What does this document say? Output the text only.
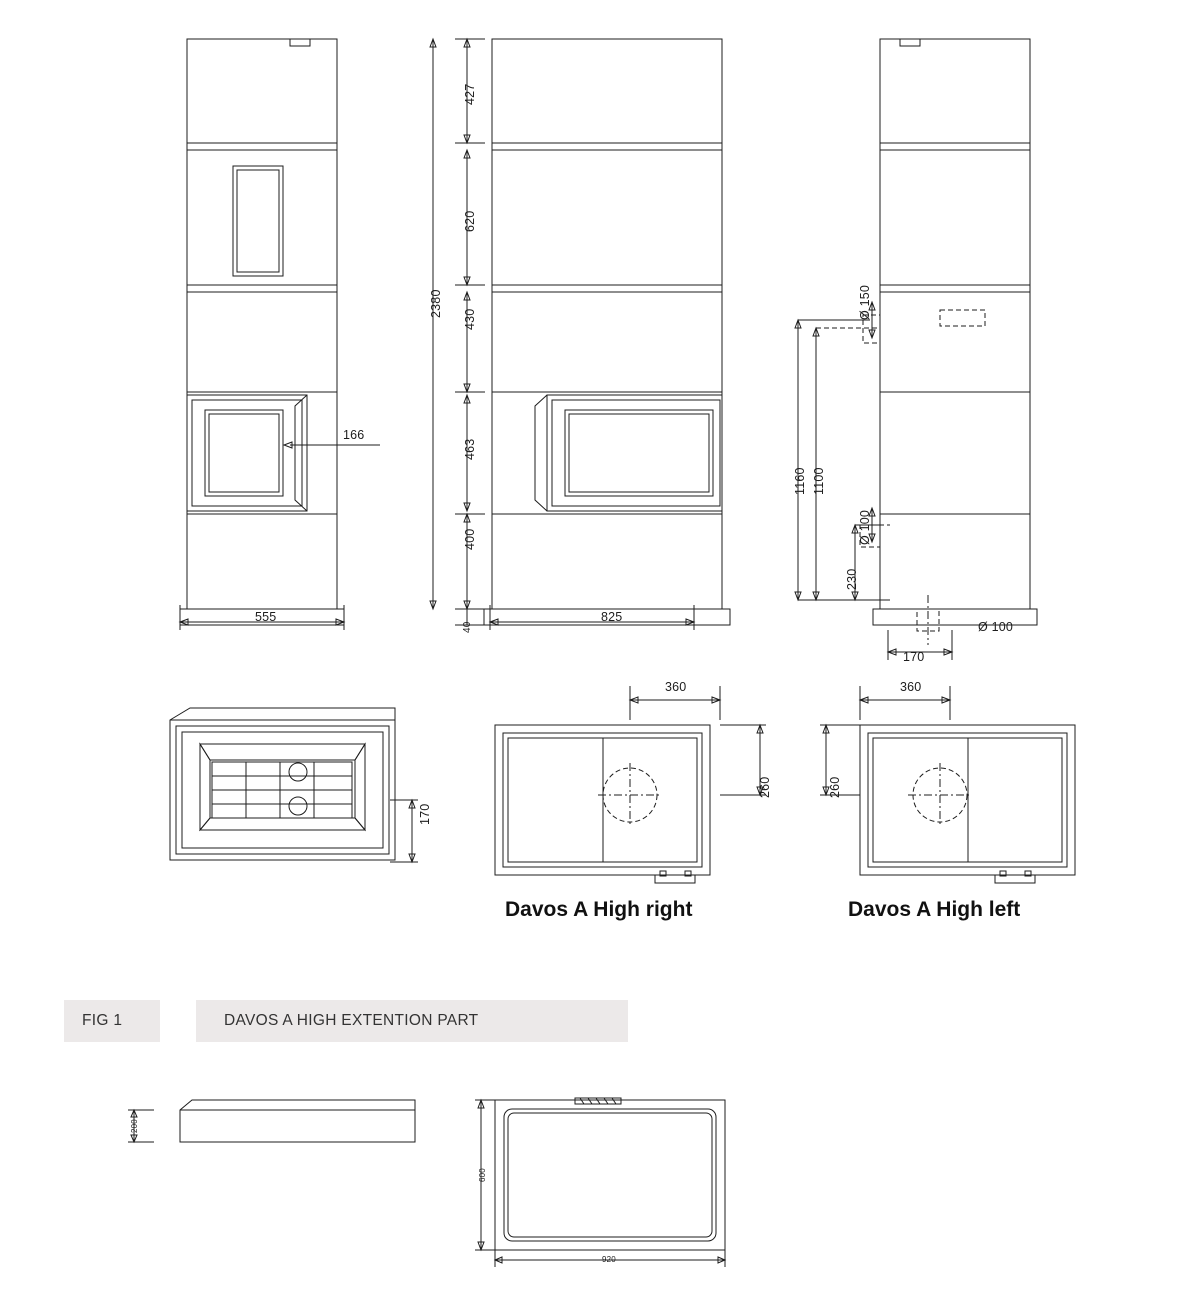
166
555
427
620
430
463
400
40
2380
825
1160 1100
230
Ø 150
Ø 100
Ø 100
170
170
360
260
Davos A High right
360
260
Davos A High left
FIG 1	DAVOS A HIGH EXTENTION PART
200
600
920
